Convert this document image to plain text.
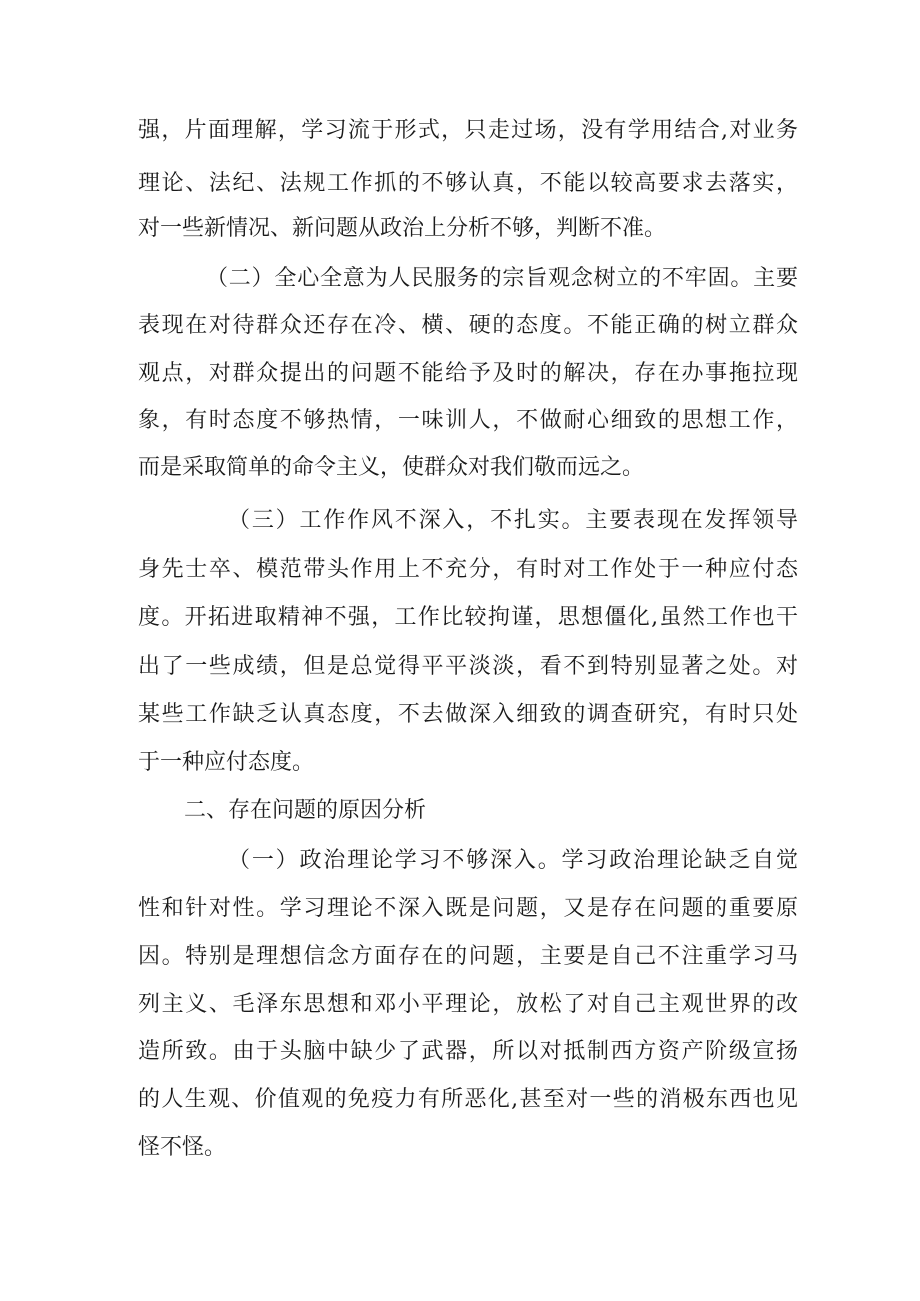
强，片面理解，学习流于形式，只走过场，没有学用结合,对业务
理论、法纪、法规工作抓的不够认真，不能以较高要求去落实，
对一些新情况、新问题从政治上分析不够，判断不准。
（二）全心全意为人民服务的宗旨观念树立的不牢固。主要
表现在对待群众还存在冷、横、硬的态度。不能正确的树立群众
观点，对群众提出的问题不能给予及时的解决，存在办事拖拉现
象，有时态度不够热情，一味训人，不做耐心细致的思想工作，
而是采取简单的命令主义，使群众对我们敬而远之。
（三）工作作风不深入，不扎实。主要表现在发挥领导
身先士卒、模范带头作用上不充分，有时对工作处于一种应付态
度。开拓进取精神不强，工作比较拘谨，思想僵化,虽然工作也干
出了一些成绩，但是总觉得平平淡淡，看不到特别显著之处。对
某些工作缺乏认真态度，不去做深入细致的调查研究，有时只处
于一种应付态度。
二、存在问题的原因分析
（一）政治理论学习不够深入。学习政治理论缺乏自觉
性和针对性。学习理论不深入既是问题，又是存在问题的重要原
因。特别是理想信念方面存在的问题，主要是自己不注重学习马
列主义、毛泽东思想和邓小平理论，放松了对自己主观世界的改
造所致。由于头脑中缺少了武器，所以对抵制西方资产阶级宣扬
的人生观、价值观的免疫力有所恶化,甚至对一些的消极东西也见
怪不怪。
